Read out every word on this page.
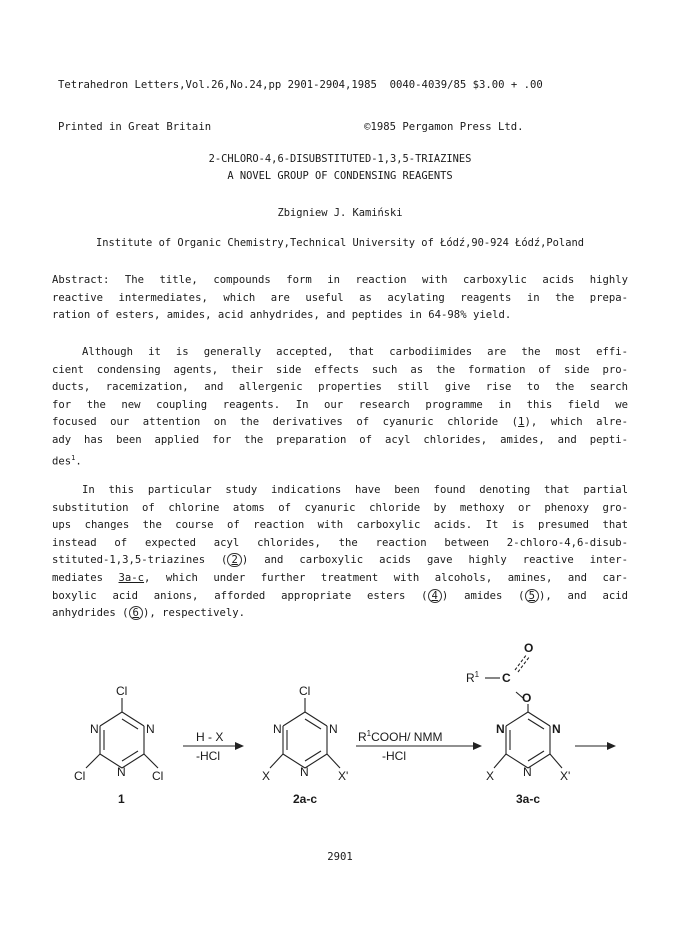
Tetrahedron Letters,Vol.26,No.24,pp 2901-2904,1985 0040-4039/85 $3.00 + .00

Printed in Great Britain	©1985 Pergamon Press Ltd.

2-CHLORO-4,6-DISUBSTITUTED-1,3,5-TRIAZINES
A NOVEL GROUP OF CONDENSING REAGENTS
Zbigniew J. Kamiński
Institute of Organic Chemistry,Technical University of Łódź,90-924 Łódź,Poland
Abstract: The title, compounds form in reaction with carboxylic acids highly
reactive intermediates, which are useful as acylating reagents in the prepa-
ration of esters, amides, acid anhydrides, and peptides in 64-98% yield.
Although it is generally accepted, that carbodiimides are the most effi-
cient condensing agents, their side effects such as the formation of side pro-
ducts, racemization, and allergenic properties still give rise to the search
for the new coupling reagents. In our research programme in this field we
focused our attention on the derivatives of cyanuric chloride (1), which alre-
ady has been applied for the preparation of acyl chlorides, amides, and pepti-
des$^1$.
In this particular study indications have been found denoting that partial
substitution of chlorine atoms of cyanuric chloride by methoxy or phenoxy gro-
ups changes the course of reaction with carboxylic acids. It is presumed that
instead of expected acyl chlorides, the reaction between 2-chloro-4,6-disub-
stituted-1,3,5-triazines ( 2 ) and carboxylic acids gave highly reactive inter-
mediates 3a-c, which under further treatment with alcohols, amines, and car-
boxylic acid anions, afforded appropriate esters ( 4 ) amides ( 5 ), and acid
anhydrides ( 6 ), respectively.
Cl
N	N
N
Cl	Cl
1
Cl
N	N
N
X	X'
2a-c
O
$R^1$ C
O
N	N
N
X	X'
3a-c
H - X
-HCl
$R^1COOH/$ NMM
-HCl
2901
